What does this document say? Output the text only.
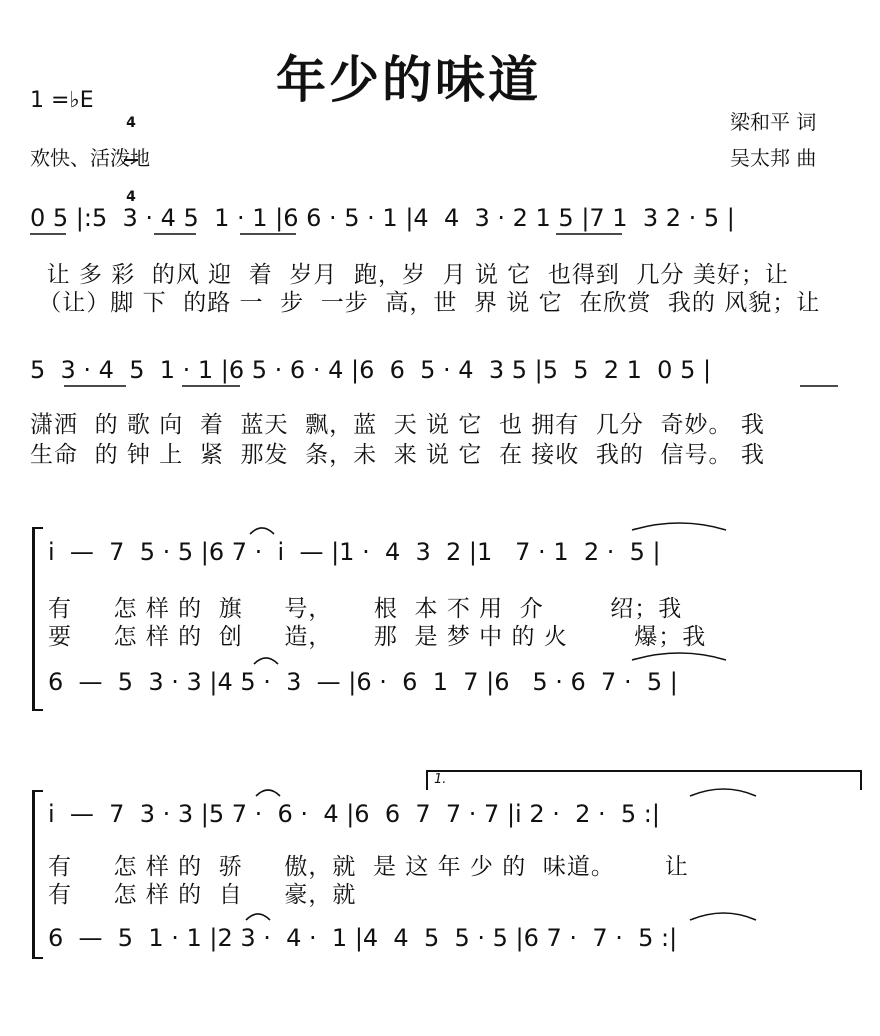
年少的味道
1 =♭E

4

4

欢快、活泼地
梁和平 词
吴太邦 曲
0 5 |:5  3 · 4 5  1 · 1 |6 6 · 5 · 1 |4  4  3 · 2 1 5 |7 1  3 2 · 5 |
让 多 彩  的风 迎  着  岁月  跑，岁  月 说 它  也得到  几分 美好；让
（让）脚 下  的路 一  步  一步  高，世  界 说 它  在欣赏  我的 风貌；让
5  3 · 4  5  1 · 1 |6 5 · 6 · 4 |6  6  5 · 4  3 5 |5  5  2 1  0 5 |
潇洒  的 歌 向  着  蓝天  飘，蓝  天 说 它  也 拥有  几分  奇妙。 我
生命  的 钟 上  紧  那发  条，未  来 说 它  在 接收  我的  信号。 我
i  —  7  5 · 5 |6 7 ·  i  — |1 ·  4  3  2 |1   7 · 1  2 ·  5 |
有     怎 样 的  旗     号，     根  本 不 用  介        绍；我
要     怎 样 的  创     造，     那  是 梦 中 的 火        爆；我
6  —  5  3 · 3 |4 5 ·  3  — |6 ·  6  1  7 |6   5 · 6  7 ·  5 |
1.
i  —  7  3 · 3 |5 7 ·  6 ·  4 |6  6  7  7 · 7 |i 2 ·  2 ·  5 :|
有     怎 样 的  骄     傲，就  是 这 年 少 的  味道。      让
有     怎 样 的  自     豪，就
6  —  5  1 · 1 |2 3 ·  4 ·  1 |4  4  5  5 · 5 |6 7 ·  7 ·  5 :|
